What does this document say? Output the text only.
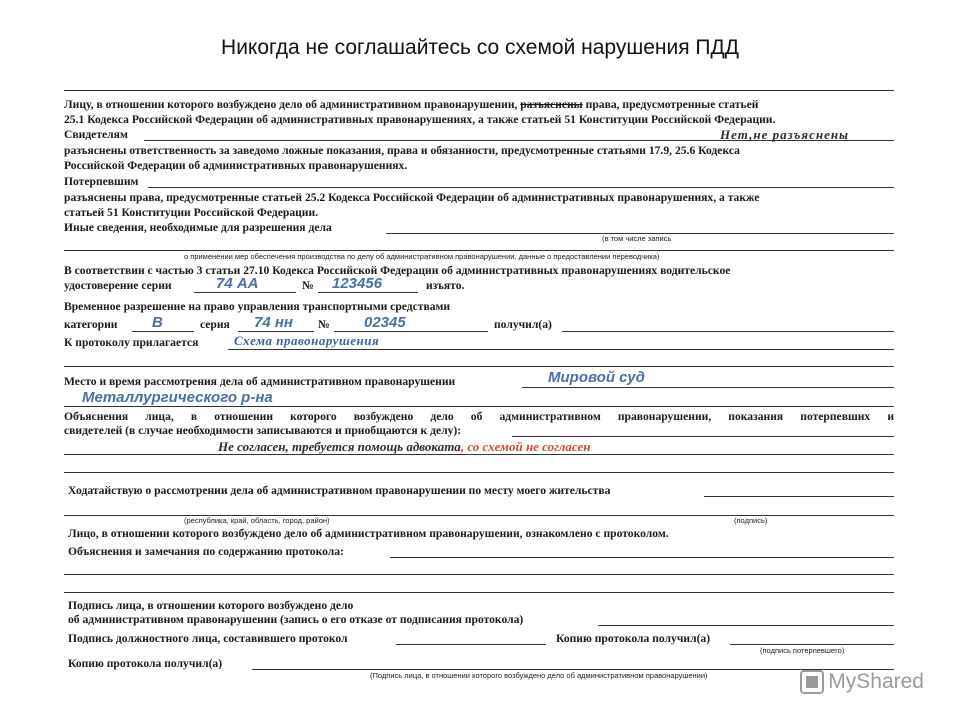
Никогда не соглашайтесь со схемой нарушения ПДД
Лицу, в отношении которого возбуждено дело об административном правонарушении, разъяснены права, предусмотренные статьей
25.1 Кодекса Российской Федерации об административных правонарушениях, а также статьей 51 Конституции Российской Федерации.
Свидетелям	Нет,не разъяснены
разъяснены ответственность за заведомо ложные показания, права и обязанности, предусмотренные статьями 17.9, 25.6 Кодекса
Российской Федерации об административных правонарушениях.
Потерпевшим
разъяснены права, предусмотренные статьей 25.2 Кодекса Российской Федерации об административных правонарушениях, а также
статьей 51 Конституции Российской Федерации.
Иные сведения, необходимые для разрешения дела
(в том числе запись
о применении мер обеспечения производства по делу об административном правонарушении, данные о предоставлении переводчика)
В соответствии с частью 3 статьи 27.10 Кодекса Российской Федерации об административных правонарушениях водительское
удостоверение серии	74 АА	№ 123456	изъято.
Временное разрешение на право управления транспортными средствами
категории В	серия 74 нн № 02345	получил(а)
К протоколу прилагается	Схема правонарушения
Место и время рассмотрения дела об административном правонарушении	Мировой суд
Металлургического р-на
Объяснения лица, в отношении которого возбуждено дело об административном правонарушении, показания потерпевших и
свидетелей (в случае необходимости записываются и приобщаются к делу):
Не согласен, требуется помощь адвоката, со схемой не согласен
Ходатайствую о рассмотрении дела об административном правонарушении по месту моего жительства
(республика, край, область, город, район)	(подпись)
Лицо, в отношении которого возбуждено дело об административном правонарушении, ознакомлено с протоколом.
Объяснения и замечания по содержанию протокола:
Подпись лица, в отношении которого возбуждено дело
об административном правонарушении (запись о его отказе от подписания протокола)
Подпись должностного лица, составившего протокол	Копию протокола получил(а)
(подпись потерпевшего)
Копию протокола получил(а)
(Подпись лица, в отношении которого возбуждено дело об административном правонарушении)	MyShared
